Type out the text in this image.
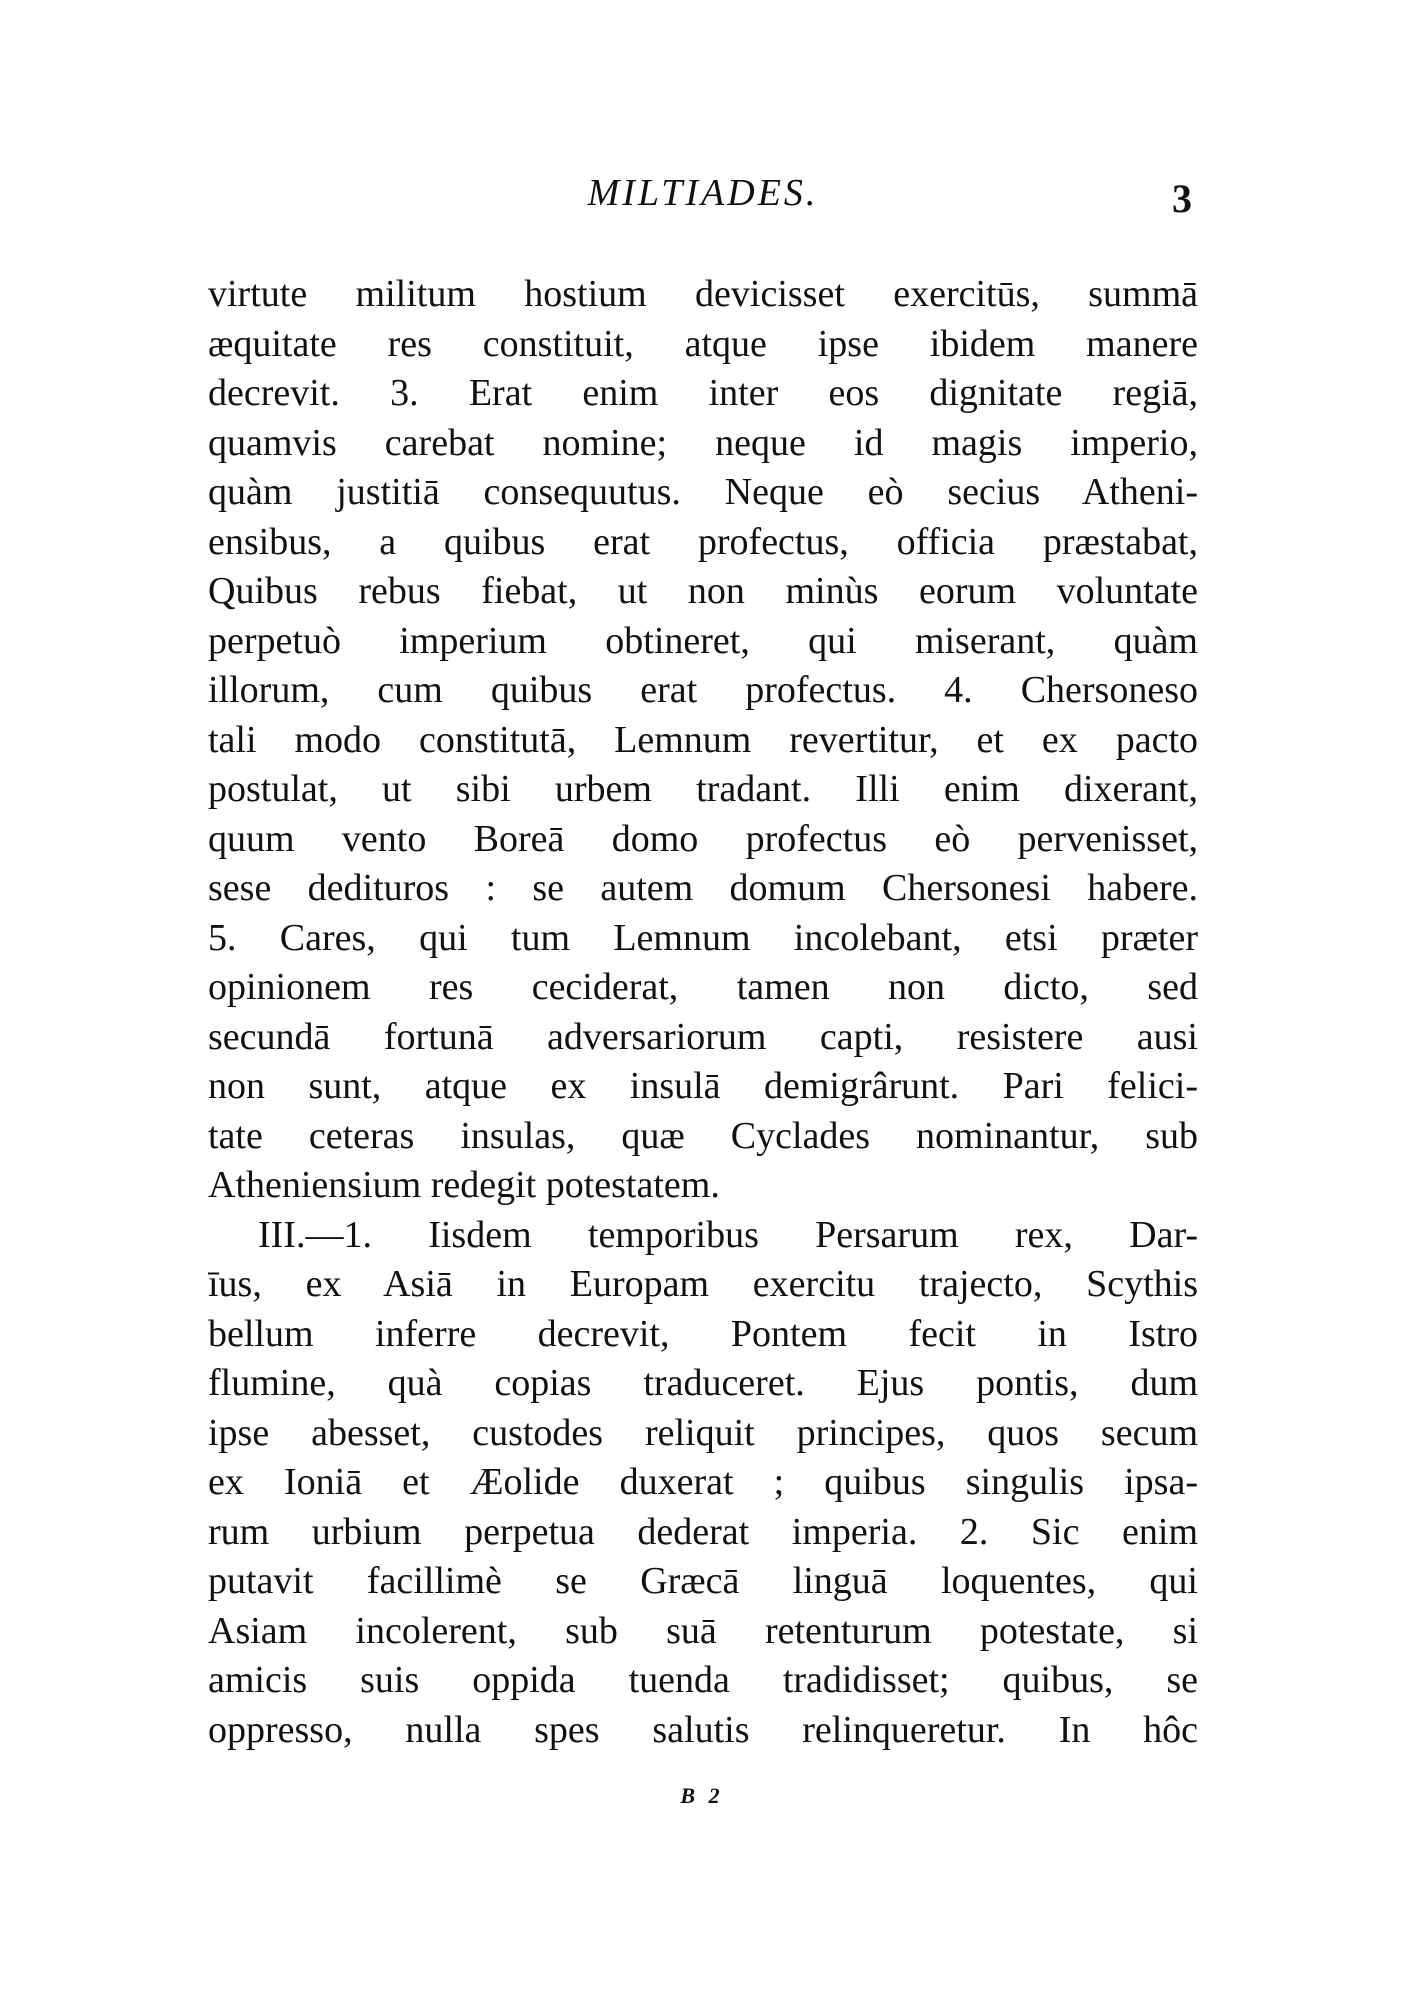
MILTIADES.	3
virtute militum hostium devicisset exercitūs, summā
æquitate res constituit, atque ipse ibidem manere
decrevit. 3. Erat enim inter eos dignitate regiā,
quamvis carebat nomine; neque id magis imperio,
quàm justitiā consequutus. Neque eò secius Atheni-
ensibus, a quibus erat profectus, officia præstabat,
Quibus rebus fiebat, ut non minùs eorum voluntate
perpetuò imperium obtineret, qui miserant, quàm
illorum, cum quibus erat profectus. 4. Chersoneso
tali modo constitutā, Lemnum revertitur, et ex pacto
postulat, ut sibi urbem tradant. Illi enim dixerant,
quum vento Boreā domo profectus eò pervenisset,
sese dedituros : se autem domum Chersonesi habere.
5. Cares, qui tum Lemnum incolebant, etsi præter
opinionem res ceciderat, tamen non dicto, sed
secundā fortunā adversariorum capti, resistere ausi
non sunt, atque ex insulā demigrârunt. Pari felici-
tate ceteras insulas, quæ Cyclades nominantur, sub
Atheniensium redegit potestatem.
III.—1. Iisdem temporibus Persarum rex, Dar-
īus, ex Asiā in Europam exercitu trajecto, Scythis
bellum inferre decrevit, Pontem fecit in Istro
flumine, quà copias traduceret. Ejus pontis, dum
ipse abesset, custodes reliquit principes, quos secum
ex Ioniā et Æolide duxerat ; quibus singulis ipsa-
rum urbium perpetua dederat imperia. 2. Sic enim
putavit facillimè se Græcā linguā loquentes, qui
Asiam incolerent, sub suā retenturum potestate, si
amicis suis oppida tuenda tradidisset; quibus, se
oppresso, nulla spes salutis relinqueretur. In hôc
B 2
